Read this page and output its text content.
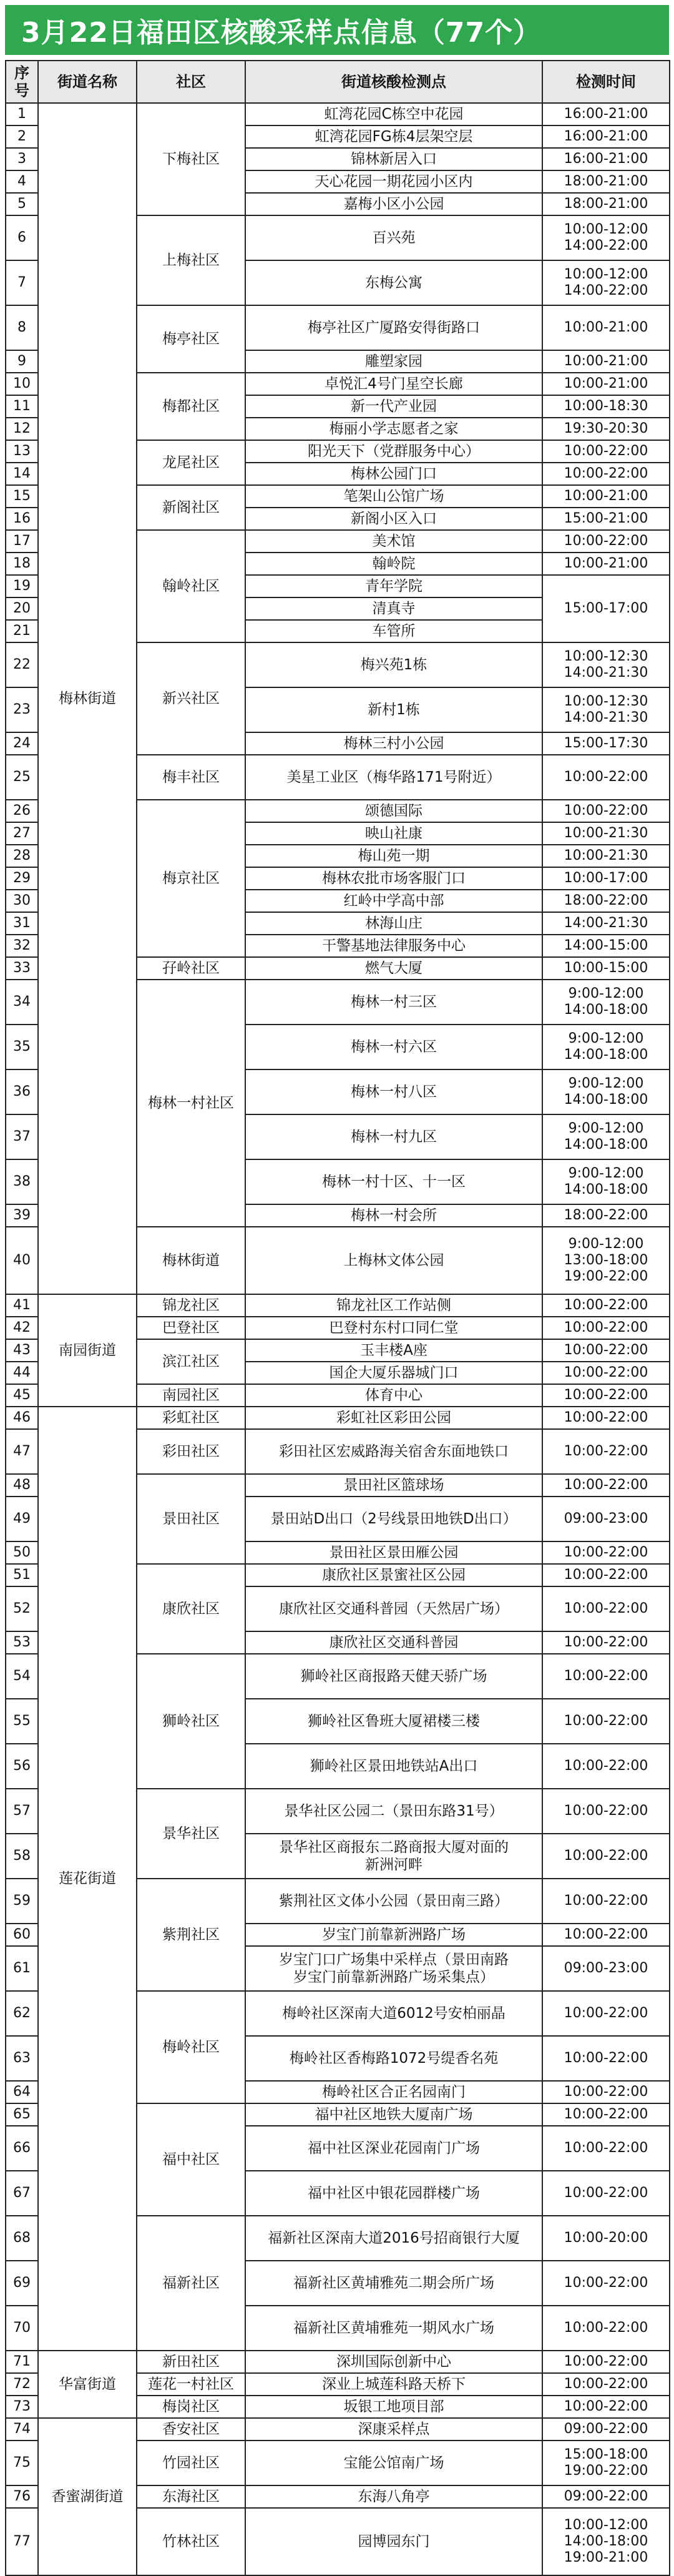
3月22日福田区核酸采样点信息（77个）
序号	街道名称	社区	街道核酸检测点	检测时间
1	梅林街道	下梅社区	虹湾花园C栋空中花园	16:00-21:00
2			虹湾花园FG栋4层架空层	16:00-21:00
3			锦林新居入口	16:00-21:00
4			天心花园一期花园小区内	18:00-21:00
5			嘉梅小区小公园	18:00-21:00
6		上梅社区	百兴苑	10:00-12:00
14:00-22:00
7			东梅公寓	10:00-12:00
14:00-22:00
8		梅亭社区	梅亭社区广厦路安得街路口	10:00-21:00
9			雕塑家园	10:00-21:00
10		梅都社区	卓悦汇4号门星空长廊	10:00-21:00
11			新一代产业园	10:00-18:30
12			梅丽小学志愿者之家	19:30-20:30
13		龙尾社区	阳光天下（党群服务中心）	10:00-22:00
14			梅林公园门口	10:00-22:00
15		新阁社区	笔架山公馆广场	10:00-21:00
16			新阁小区入口	15:00-21:00
17		翰岭社区	美术馆	10:00-22:00
18			翰岭院	10:00-21:00
19			青年学院	15:00-17:00
20			清真寺	
21			车管所	
22		新兴社区	梅兴苑1栋	10:00-12:30
14:00-21:30
23			新村1栋	10:00-12:30
14:00-21:30
24			梅林三村小公园	15:00-17:30
25		梅丰社区	美星工业区（梅华路171号附近）	10:00-22:00
26		梅京社区	颂德国际	10:00-22:00
27			映山社康	10:00-21:30
28			梅山苑一期	10:00-21:30
29			梅林农批市场客服门口	10:00-17:00
30			红岭中学高中部	18:00-22:00
31			林海山庄	14:00-21:30
32			干警基地法律服务中心	14:00-15:00
33		孖岭社区	燃气大厦	10:00-15:00
34		梅林一村社区	梅林一村三区	9:00-12:00
14:00-18:00
35			梅林一村六区	9:00-12:00
14:00-18:00
36			梅林一村八区	9:00-12:00
14:00-18:00
37			梅林一村九区	9:00-12:00
14:00-18:00
38			梅林一村十区、十一区	9:00-12:00
14:00-18:00
39			梅林一村会所	18:00-22:00
40		梅林街道	上梅林文体公园	9:00-12:00
13:00-18:00
19:00-22:00
41	南园街道	锦龙社区	锦龙社区工作站侧	10:00-22:00
42		巴登社区	巴登村东村口同仁堂	10:00-22:00
43		滨江社区	玉丰楼A座	10:00-22:00
44			国企大厦乐器城门口	10:00-22:00
45		南园社区	体育中心	10:00-22:00
46	莲花街道	彩虹社区	彩虹社区彩田公园	10:00-22:00
47		彩田社区	彩田社区宏威路海关宿舍东面地铁口	10:00-22:00
48		景田社区	景田社区篮球场	10:00-22:00
49			景田站D出口（2号线景田地铁D出口）	09:00-23:00
50			景田社区景田雁公园	10:00-22:00
51		康欣社区	康欣社区景蜜社区公园	10:00-22:00
52			康欣社区交通科普园（天然居广场）	10:00-22:00
53			康欣社区交通科普园	10:00-22:00
54		狮岭社区	狮岭社区商报路天健天骄广场	10:00-22:00
55			狮岭社区鲁班大厦裙楼三楼	10:00-22:00
56			狮岭社区景田地铁站A出口	10:00-22:00
57		景华社区	景华社区公园二（景田东路31号）	10:00-22:00
58			景华社区商报东二路商报大厦对面的
新洲河畔	10:00-22:00
59		紫荆社区	紫荆社区文体小公园（景田南三路）	10:00-22:00
60			岁宝门前靠新洲路广场	10:00-22:00
61			岁宝门口广场集中采样点（景田南路
岁宝门前靠新洲路广场采集点）	09:00-23:00
62		梅岭社区	梅岭社区深南大道6012号安柏丽晶	10:00-22:00
63			梅岭社区香梅路1072号缇香名苑	10:00-22:00
64			梅岭社区合正名园南门	10:00-22:00
65		福中社区	福中社区地铁大厦南广场	10:00-22:00
66			福中社区深业花园南门广场	10:00-22:00
67			福中社区中银花园群楼广场	10:00-22:00
68		福新社区	福新社区深南大道2016号招商银行大厦	10:00-20:00
69			福新社区黄埔雅苑二期会所广场	10:00-22:00
70			福新社区黄埔雅苑一期风水广场	10:00-22:00
71	华富街道	新田社区	深圳国际创新中心	10:00-22:00
72		莲花一村社区	深业上城莲科路天桥下	10:00-22:00
73		梅岗社区	坂银工地项目部	10:00-22:00
74	香蜜湖街道	香安社区	深康采样点	09:00-22:00
75		竹园社区	宝能公馆南广场	15:00-18:00
19:00-22:00
76		东海社区	东海八角亭	09:00-22:00
77		竹林社区	园博园东门	10:00-12:00
14:00-18:00
19:00-21:00
